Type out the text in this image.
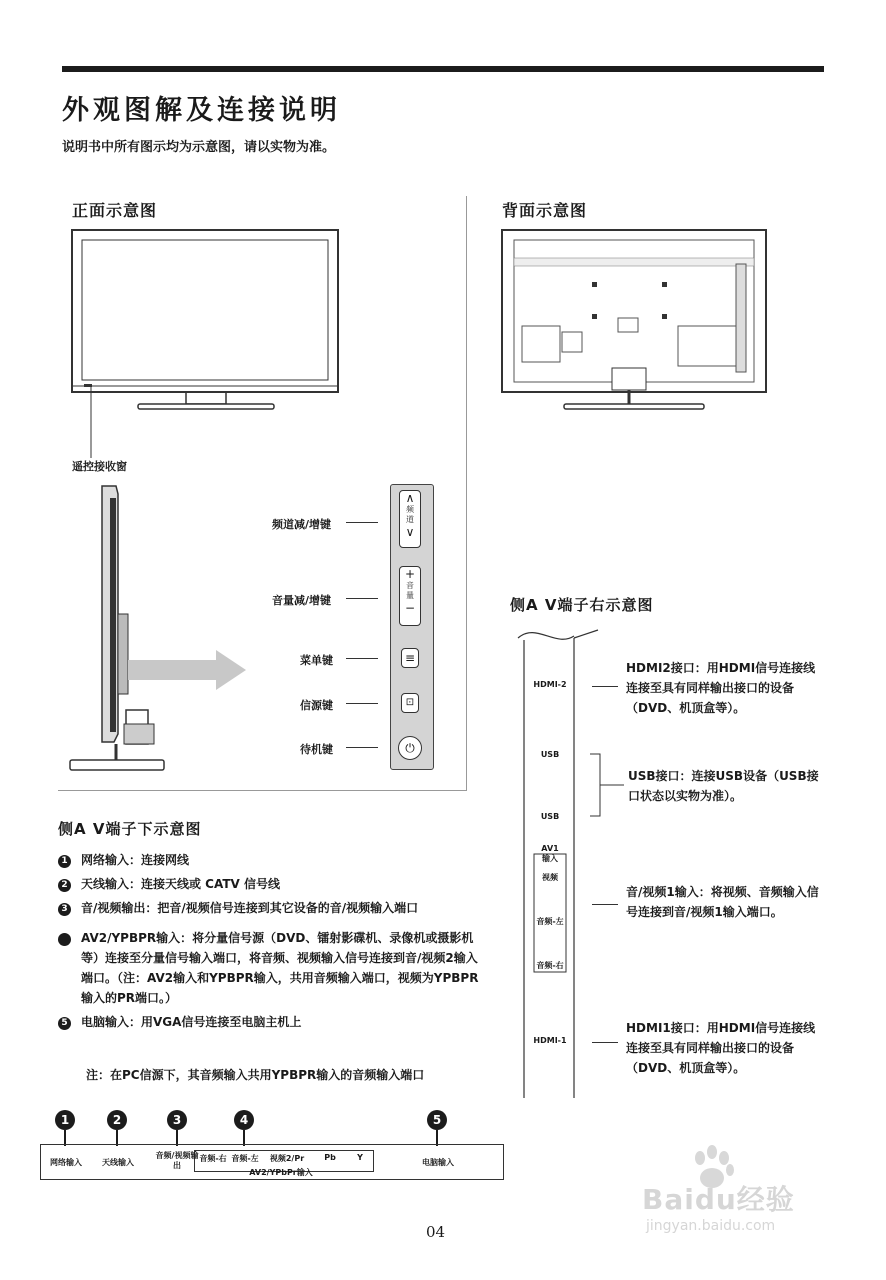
外观图解及连接说明
说明书中所有图示均为示意图，请以实物为准。
正面示意图
遥控接收窗
∧
频
道
∨
+
音
量
−
≡
⊡
⏻
频道减/增键
音量减/增键
菜单键
信源键
待机键
背面示意图
侧A V端子右示意图
HDMI-2
USB
USB
AV1
输入
视频
音频-左
音频-右
HDMI-1
HDMI2接口：用HDMI信号连接线连接至具有同样输出接口的设备（DVD、机顶盒等）。
USB接口：连接USB设备（USB接口状态以实物为准）。
音/视频1输入：将视频、音频输入信号连接到音/视频1输入端口。
HDMI1接口：用HDMI信号连接线连接至具有同样输出接口的设备（DVD、机顶盒等）。
侧A V端子下示意图
1 网络输入：连接网线
2 天线输入：连接天线或 CATV 信号线
3 音/视频输出：把音/视频信号连接到其它设备的音/视频输入端口
4 AV2/YPBPR输入：将分量信号源（DVD、镭射影碟机、录像机或摄影机等）连接至分量信号输入端口，将音频、视频输入信号连接到音/视频2输入端口。（注：AV2输入和YPBPR输入，共用音频输入端口，视频为YPBPR输入的PR端口。）
5 电脑输入：用VGA信号连接至电脑主机上
注：在PC信源下，其音频输入共用YPBPR输入的音频输入端口
1	2	3	4	5
网络输入	天线输入
音频/视频输出
音频-右 音频-左	视频2/Pr	Pb	Y
AV2/YPbPr输入
电脑输入
04
Baidu经验
jingyan.baidu.com
